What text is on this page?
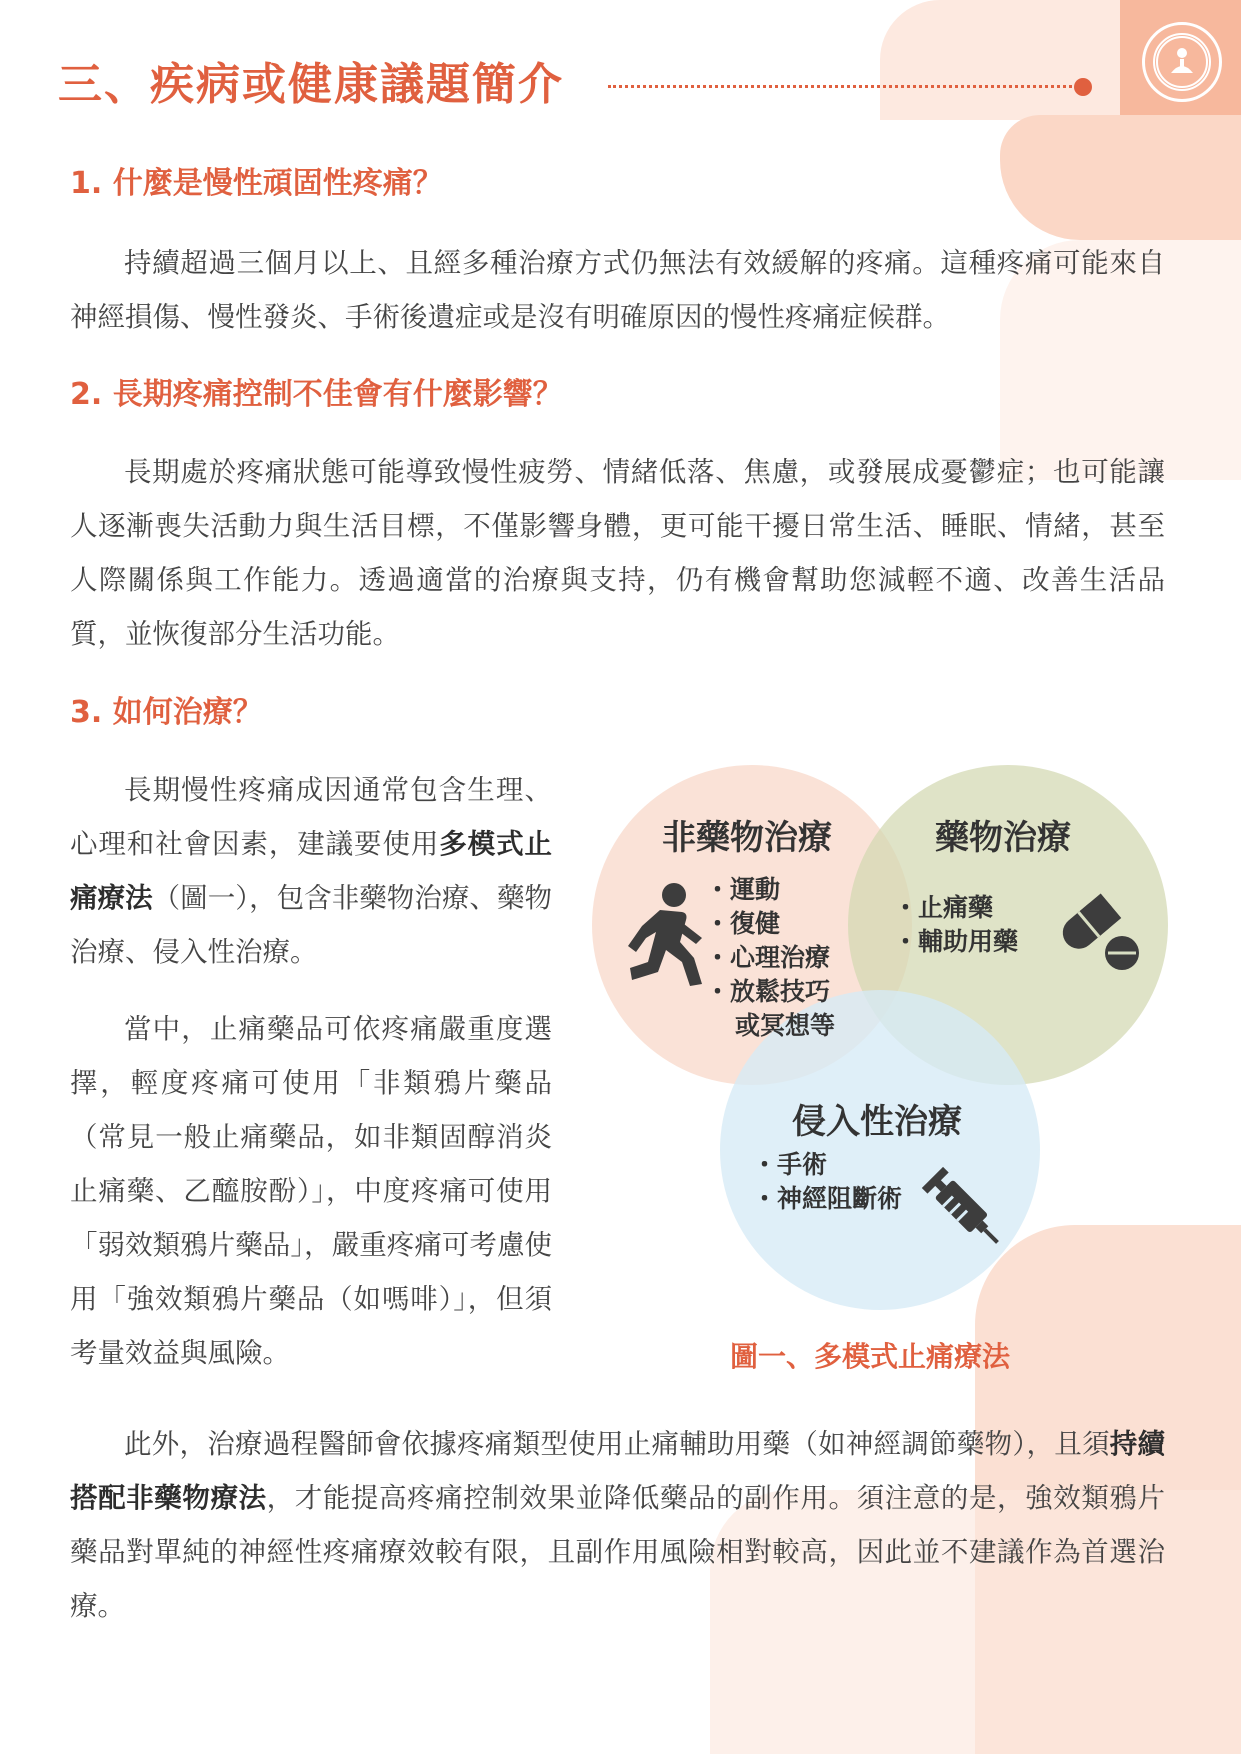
三、疾病或健康議題簡介
1. 什麼是慢性頑固性疼痛？

持續超過三個月以上、且經多種治療方式仍無法有效緩解的疼痛。這種疼痛可能來自神經損傷、慢性發炎、手術後遺症或是沒有明確原因的慢性疼痛症候群。

2. 長期疼痛控制不佳會有什麼影響？

長期處於疼痛狀態可能導致慢性疲勞、情緒低落、焦慮，或發展成憂鬱症；也可能讓人逐漸喪失活動力與生活目標，不僅影響身體，更可能干擾日常生活、睡眠、情緒，甚至人際關係與工作能力。透過適當的治療與支持，仍有機會幫助您減輕不適、改善生活品質，並恢復部分生活功能。

3. 如何治療？

長期慢性疼痛成因通常包含生理、心理和社會因素，建議要使用多模式止痛療法（圖一），包含非藥物治療、藥物治療、侵入性治療。

當中，止痛藥品可依疼痛嚴重度選擇，輕度疼痛可使用「非類鴉片藥品（常見一般止痛藥品，如非類固醇消炎止痛藥、乙醯胺酚）」，中度疼痛可使用「弱效類鴉片藥品」，嚴重疼痛可考慮使用「強效類鴉片藥品（如嗎啡）」，但須考量效益與風險。

此外，治療過程醫師會依據疼痛類型使用止痛輔助用藥（如神經調節藥物），且須持續搭配非藥物療法，才能提高疼痛控制效果並降低藥品的副作用。須注意的是，強效類鴉片藥品對單純的神經性疼痛療效較有限，且副作用風險相對較高，因此並不建議作為首選治療。

非藥物治療
・ 運動
・ 復健
・ 心理治療
・ 放鬆技巧
或冥想等
藥物治療
・ 止痛藥
・ 輔助用藥
侵入性治療
・ 手術
・ 神經阻斷術

圖一、多模式止痛療法
